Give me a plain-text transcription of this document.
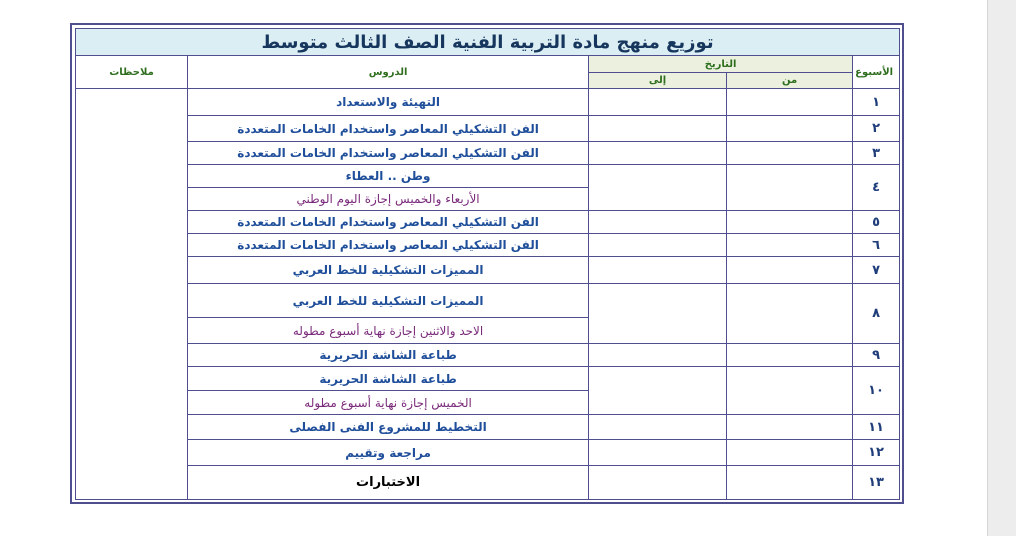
توزيع منهج مادة التربية الفنية الصف الثالث متوسط				
الأسبوع	التاريخ		الدروس	ملاحظات
	من	إلى		
١			التهيئة والاستعداد	
٢			الفن التشكيلي المعاصر واستخدام الخامات المتعددة	
٣			الفن التشكيلي المعاصر واستخدام الخامات المتعددة	
٤			وطن .. العطاء	
			الأربعاء والخميس إجازة اليوم الوطني	
٥			الفن التشكيلي المعاصر واستخدام الخامات المتعددة	
٦			الفن التشكيلي المعاصر واستخدام الخامات المتعددة	
٧			المميزات التشكيلية للخط العربي	
٨			المميزات التشكيلية للخط العربي	
			الاحد والاثنين إجازة نهاية أسبوع مطوله	
٩			طباعة الشاشة الحريرية	
١٠			طباعة الشاشة الحريرية	
			الخميس إجازة نهاية أسبوع مطوله	
١١			التخطيط للمشروع الفنى الفصلى	
١٢			مراجعة وتقييم	
١٣			الاختبارات	
